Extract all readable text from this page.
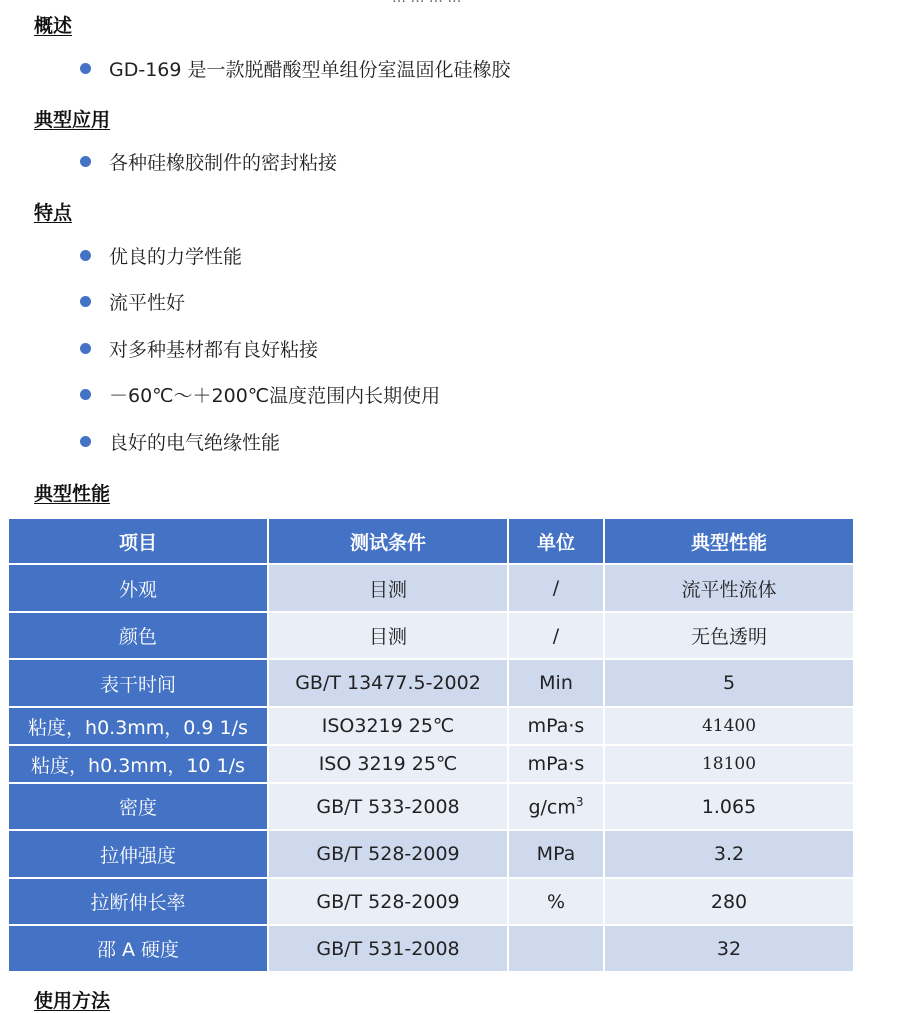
概述
GD-169 是一款脱醋酸型单组份室温固化硅橡胶
典型应用
各种硅橡胶制件的密封粘接
特点
优良的力学性能
流平性好
对多种基材都有良好粘接
－60℃～＋200℃温度范围内长期使用
良好的电气绝缘性能
典型性能
项目	测试条件	单位	典型性能
外观	目测	/	流平性流体
颜色	目测	/	无色透明
表干时间	GB/T 13477.5-2002	Min	5
粘度，h0.3mm，0.9 1/s	ISO3219 25℃	mPa·s	41400
粘度，h0.3mm，10 1/s	ISO 3219 25℃	mPa·s	18100
密度	GB/T 533-2008	$g/cm^3$	1.065
拉伸强度	GB/T 528-2009	MPa	3.2
拉断伸长率	GB/T 528-2009	%	280
邵 A 硬度	GB/T 531-2008		32
使用方法
